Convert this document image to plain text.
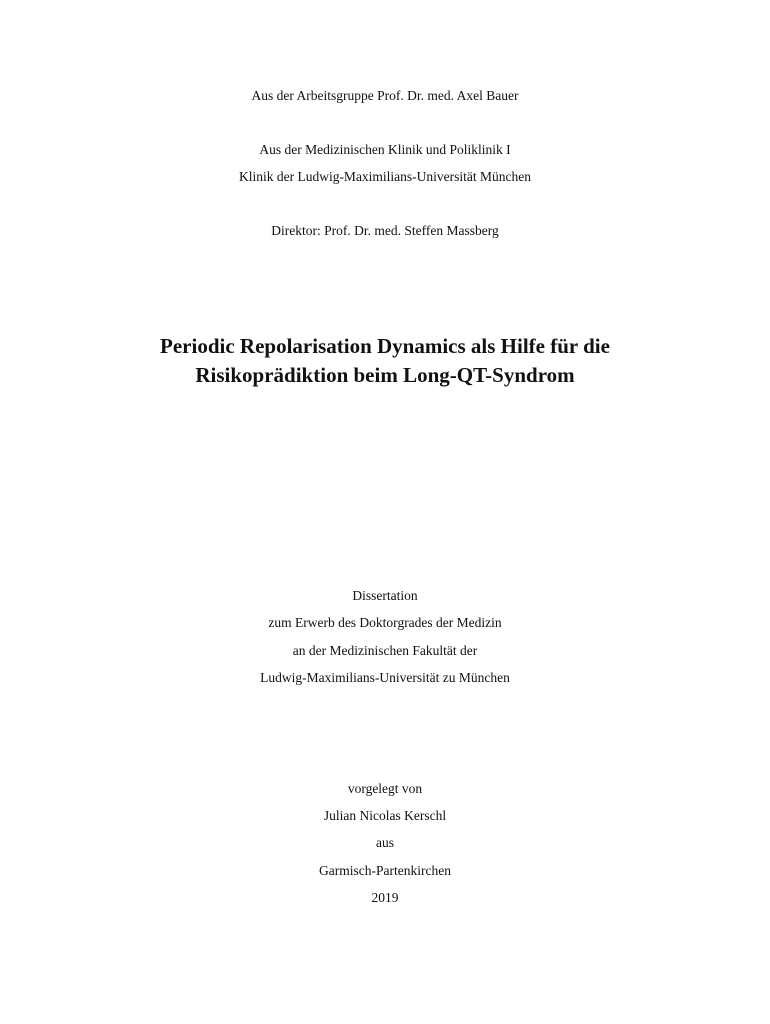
Aus der Arbeitsgruppe Prof. Dr. med. Axel Bauer
Aus der Medizinischen Klinik und Poliklinik I
Klinik der Ludwig-Maximilians-Universität München
Direktor: Prof. Dr. med. Steffen Massberg
Periodic Repolarisation Dynamics als Hilfe für die
Risikoprädiktion beim Long-QT-Syndrom
Dissertation
zum Erwerb des Doktorgrades der Medizin
an der Medizinischen Fakultät der
Ludwig-Maximilians-Universität zu München
vorgelegt von
Julian Nicolas Kerschl
aus
Garmisch-Partenkirchen
2019
